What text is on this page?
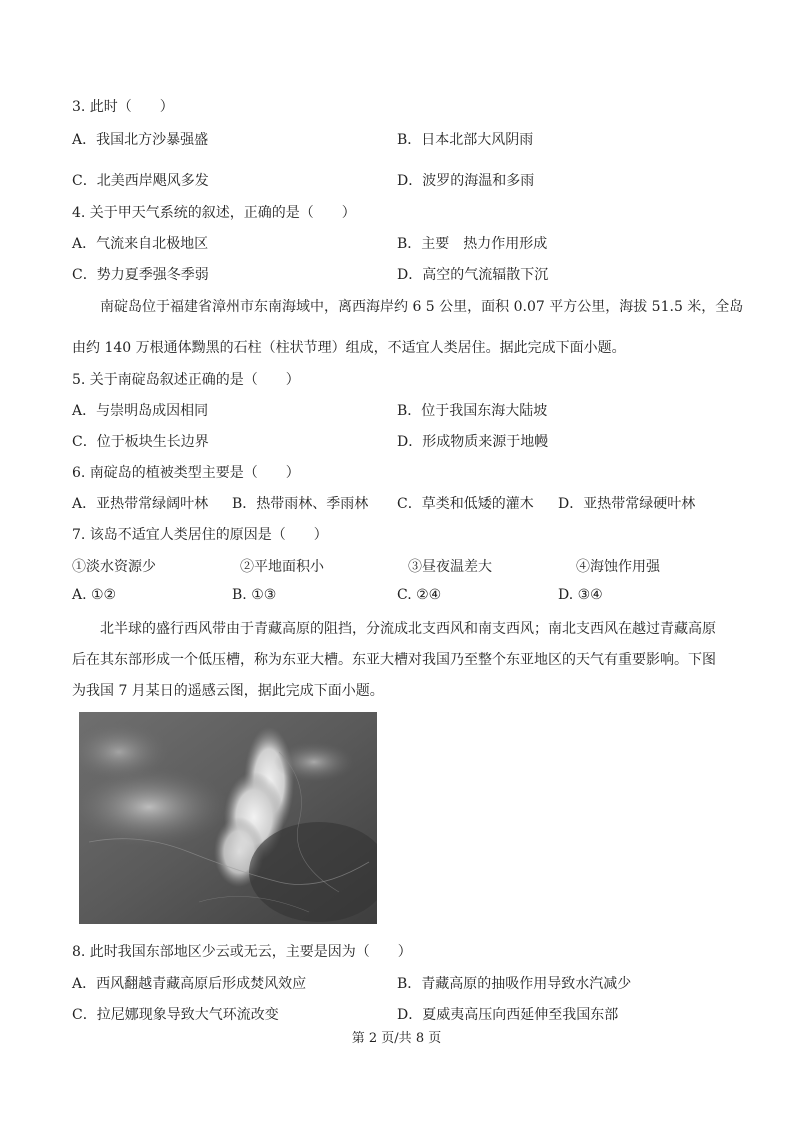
3. 此时（　　）
A．我国北方沙暴强盛	B．日本北部大风阴雨
C．北美西岸飓风多发	D．波罗的海温和多雨
4. 关于甲天气系统的叙述，正确的是（　　）
A．气流来自北极地区	B．主要　热力作用形成
C．势力夏季强冬季弱	D．高空的气流辐散下沉
南碇岛位于福建省漳州市东南海域中，离西海岸约 6 5 公里，面积 0.07 平方公里，海拔 51.5 米，全岛
由约 140 万根通体黝黑的石柱（柱状节理）组成，不适宜人类居住。据此完成下面小题。
5. 关于南碇岛叙述正确的是（　　）
A．与崇明岛成因相同	B．位于我国东海大陆坡
C．位于板块生长边界	D．形成物质来源于地幔
6. 南碇岛的植被类型主要是（　　）
A．亚热带常绿阔叶林 B．热带雨林、季雨林 C．草类和低矮的灌木 D．亚热带常绿硬叶林
7. 该岛不适宜人类居住的原因是（　　）
①淡水资源少	②平地面积小	③昼夜温差大	④海蚀作用强
A. ①②	B. ①③	C. ②④	D. ③④
北半球的盛行西风带由于青藏高原的阻挡，分流成北支西风和南支西风；南北支西风在越过青藏高原
后在其东部形成一个低压槽，称为东亚大槽。东亚大槽对我国乃至整个东亚地区的天气有重要影响。下图
为我国 7 月某日的遥感云图，据此完成下面小题。
8. 此时我国东部地区少云或无云，主要是因为（　　）
A．西风翻越青藏高原后形成焚风效应	B．青藏高原的抽吸作用导致水汽减少
C．拉尼娜现象导致大气环流改变	D．夏威夷高压向西延伸至我国东部
第 2 页/共 8 页
